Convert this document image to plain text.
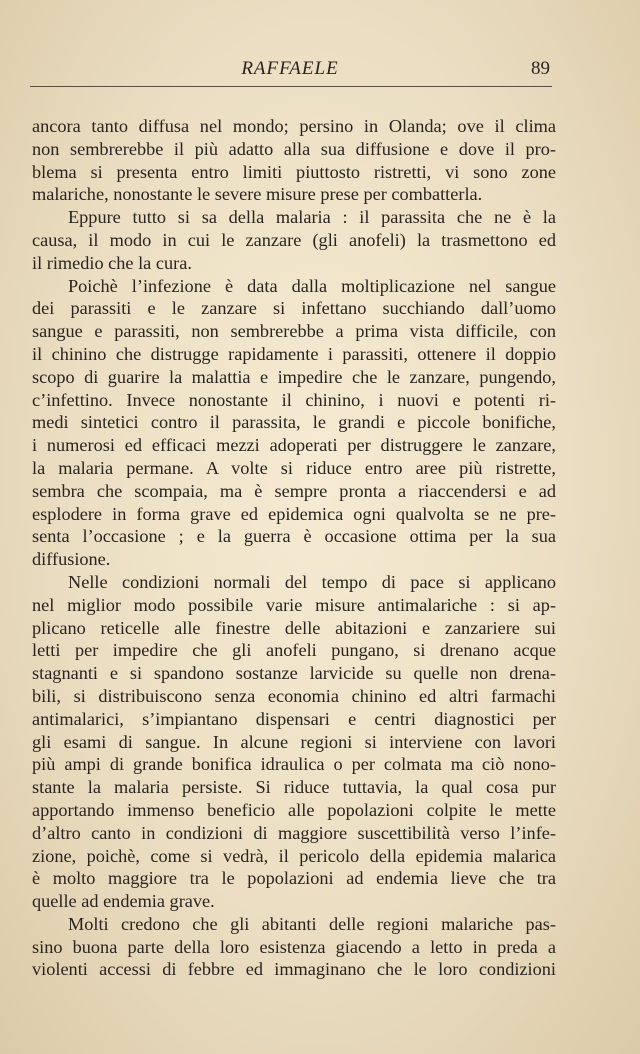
RAFFAELE	89

ancora tanto diffusa nel mondo; persino in Olanda; ove il clima
non sembrerebbe il più adatto alla sua diffusione e dove il pro-
blema si presenta entro limiti piuttosto ristretti, vi sono zone
malariche, nonostante le severe misure prese per combatterla.

Eppure tutto si sa della malaria : il parassita che ne è la
causa, il modo in cui le zanzare (gli anofeli) la trasmettono ed
il rimedio che la cura.

Poichè l’infezione è data dalla moltiplicazione nel sangue
dei parassiti e le zanzare si infettano succhiando dall’uomo
sangue e parassiti, non sembrerebbe a prima vista difficile, con
il chinino che distrugge rapidamente i parassiti, ottenere il doppio
scopo di guarire la malattia e impedire che le zanzare, pungendo,
c’infettino. Invece nonostante il chinino, i nuovi e potenti ri-
medi sintetici contro il parassita, le grandi e piccole bonifiche,
i numerosi ed efficaci mezzi adoperati per distruggere le zanzare,
la malaria permane. A volte si riduce entro aree più ristrette,
sembra che scompaia, ma è sempre pronta a riaccendersi e ad
esplodere in forma grave ed epidemica ogni qualvolta se ne pre-
senta l’occasione ; e la guerra è occasione ottima per la sua
diffusione.

Nelle condizioni normali del tempo di pace si applicano
nel miglior modo possibile varie misure antimalariche : si ap-
plicano reticelle alle finestre delle abitazioni e zanzariere sui
letti per impedire che gli anofeli pungano, si drenano acque
stagnanti e si spandono sostanze larvicide su quelle non drena-
bili, si distribuiscono senza economia chinino ed altri farmachi
antimalarici, s’impiantano dispensari e centri diagnostici per
gli esami di sangue. In alcune regioni si interviene con lavori
più ampi di grande bonifica idraulica o per colmata ma ciò nono-
stante la malaria persiste. Si riduce tuttavia, la qual cosa pur
apportando immenso beneficio alle popolazioni colpite le mette
d’altro canto in condizioni di maggiore suscettibilità verso l’infe-
zione, poichè, come si vedrà, il pericolo della epidemia malarica
è molto maggiore tra le popolazioni ad endemia lieve che tra
quelle ad endemia grave.

Molti credono che gli abitanti delle regioni malariche pas-
sino buona parte della loro esistenza giacendo a letto in preda a
violenti accessi di febbre ed immaginano che le loro condizioni
